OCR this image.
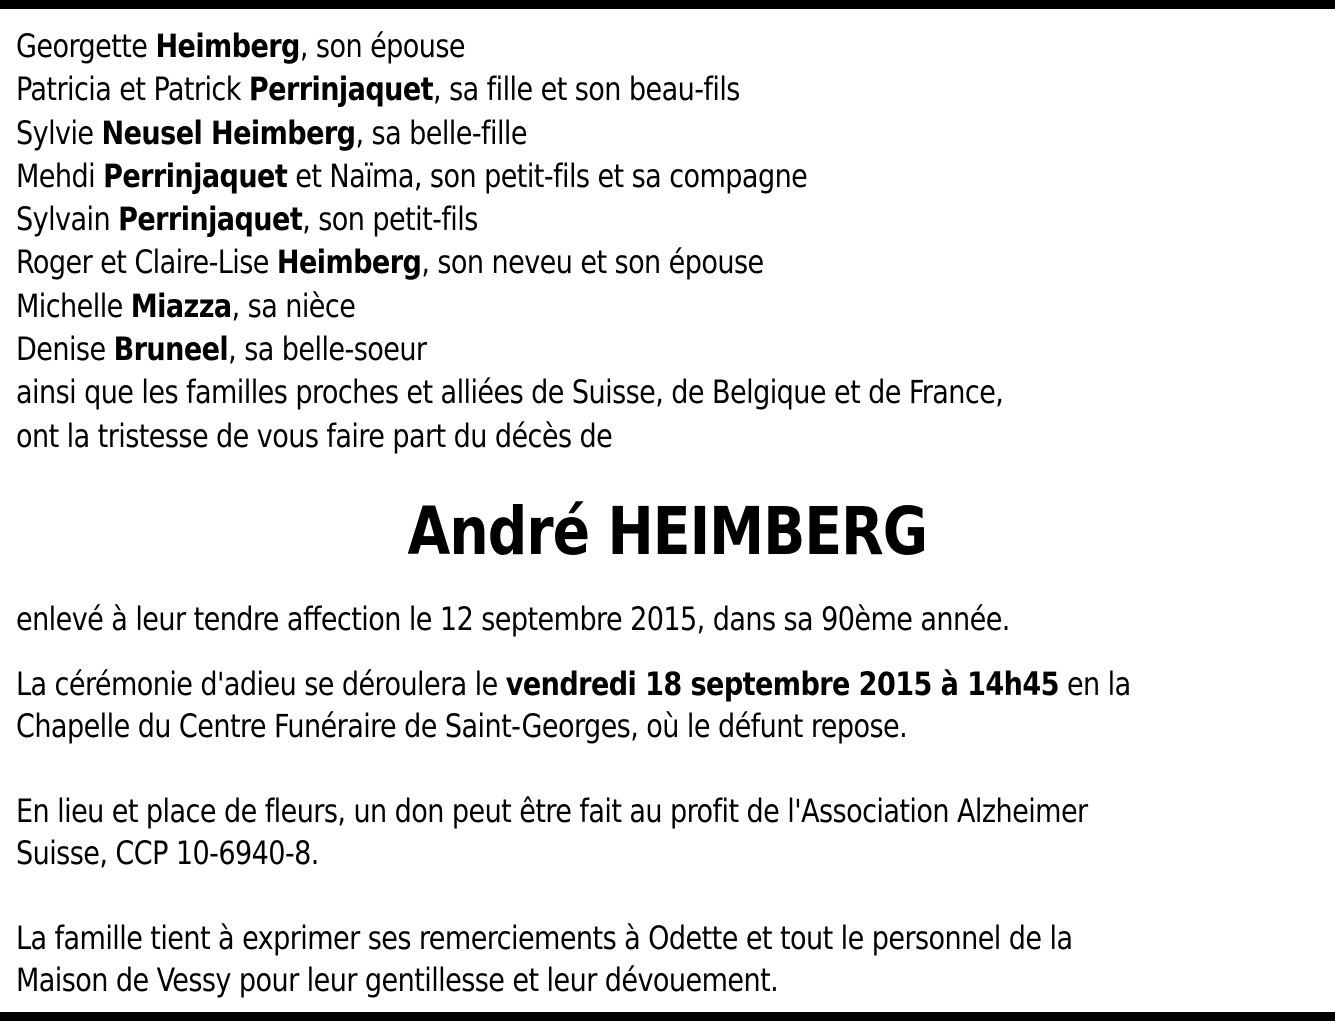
Georgette Heimberg, son épouse

Patricia et Patrick Perrinjaquet, sa fille et son beau-fils

Sylvie Neusel Heimberg, sa belle-fille

Mehdi Perrinjaquet et Naïma, son petit-fils et sa compagne

Sylvain Perrinjaquet, son petit-fils

Roger et Claire-Lise Heimberg, son neveu et son épouse

Michelle Miazza, sa nièce

Denise Bruneel, sa belle-soeur

ainsi que les familles proches et alliées de Suisse, de Belgique et de France,

ont la tristesse de vous faire part du décès de

André HEIMBERG
enlevé à leur tendre affection le 12 septembre 2015, dans sa 90ème année.
La cérémonie d'adieu se déroulera le vendredi 18 septembre 2015 à 14h45 en la
Chapelle du Centre Funéraire de Saint-Georges, où le défunt repose.
En lieu et place de fleurs, un don peut être fait au profit de l'Association Alzheimer
Suisse, CCP 10-6940-8.
La famille tient à exprimer ses remerciements à Odette et tout le personnel de la
Maison de Vessy pour leur gentillesse et leur dévouement.
